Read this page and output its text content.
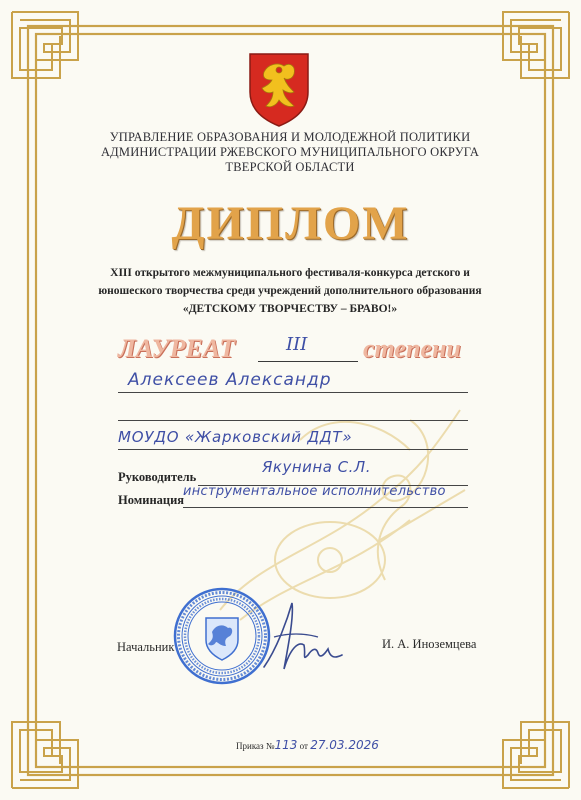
УПРАВЛЕНИЕ ОБРАЗОВАНИЯ И МОЛОДЕЖНОЙ ПОЛИТИКИ
АДМИНИСТРАЦИИ РЖЕВСКОГО МУНИЦИПАЛЬНОГО ОКРУГА
ТВЕРСКОЙ ОБЛАСТИ
ДИПЛОМ
XIII открытого межмуниципального фестиваля-конкурса детского и
юношеского творчества среди учреждений дополнительного образования
«ДЕТСКОМУ ТВОРЧЕСТВУ – БРАВО!»
ЛАУРЕАТ	III степени
Алексеев Александр
МОУДО «Жарковский ДДТ»
Руководитель
Якунина С.Л.
Номинация
инструментальное исполнительство
Начальник	И. А. Иноземцева
Приказ №113 от 27.03.2026
